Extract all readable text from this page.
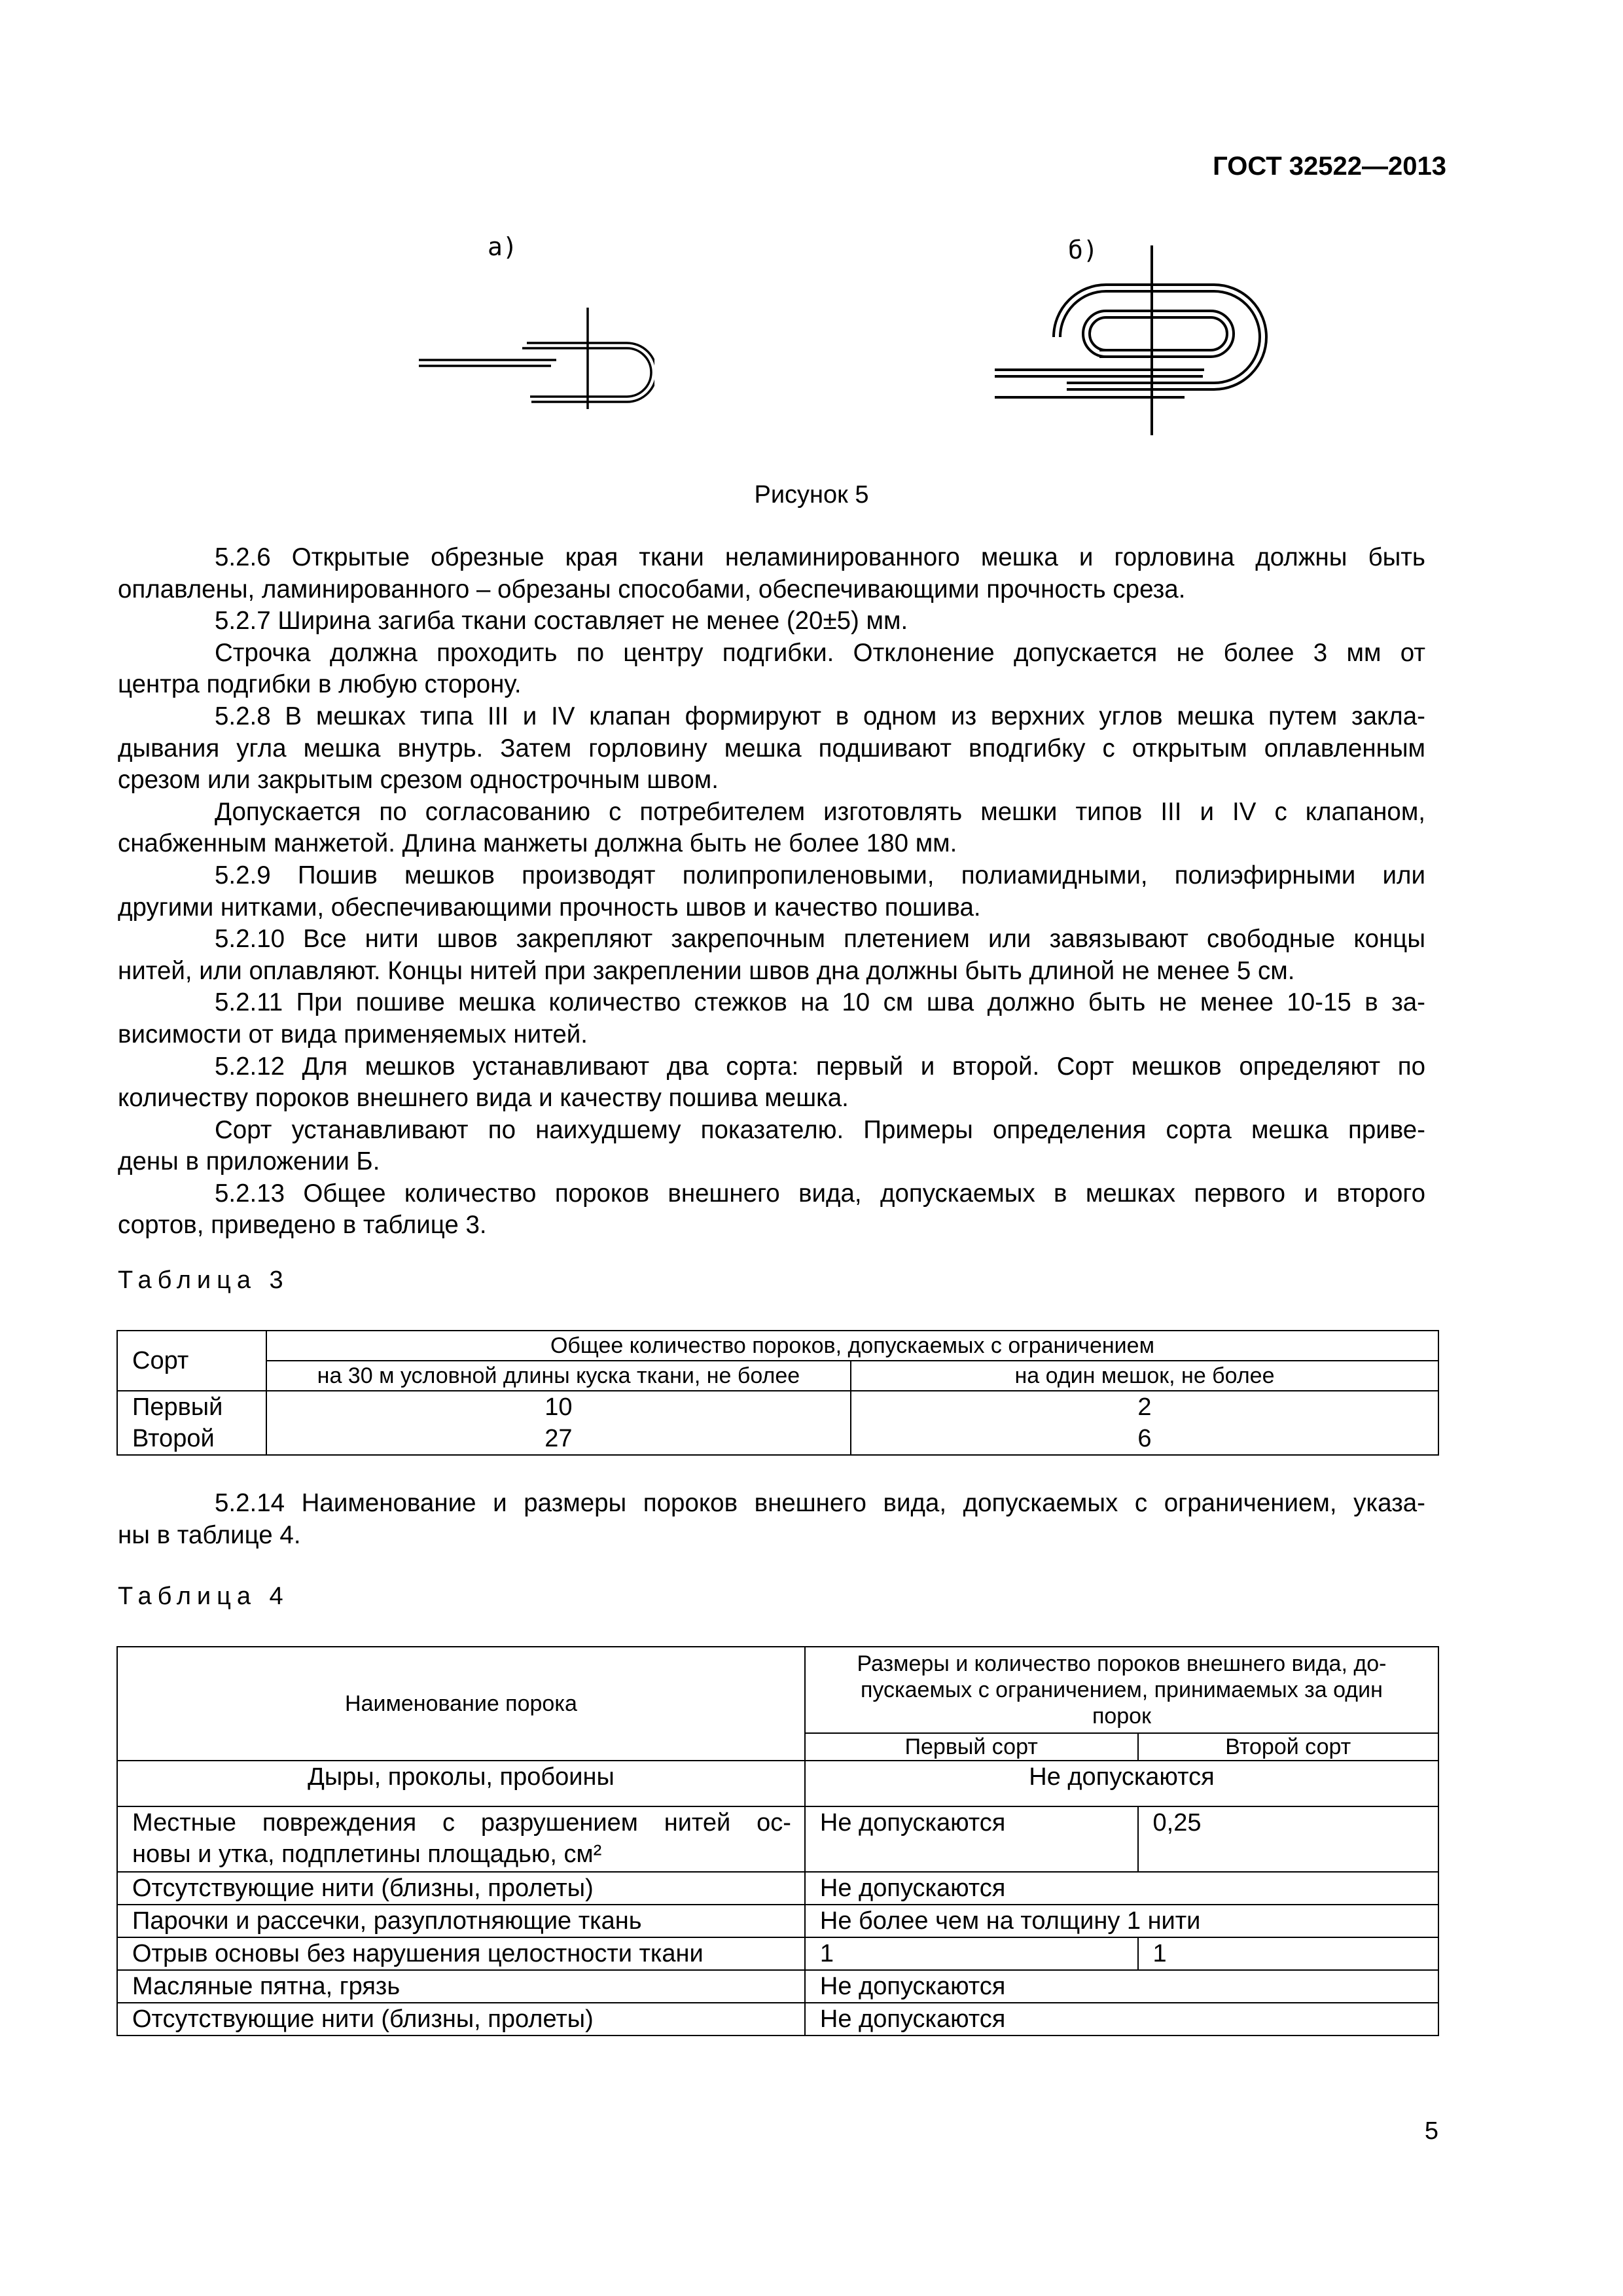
ГОСТ 32522—2013
а)	б)
Рисунок 5

5.2.6 Открытые обрезные края ткани неламинированного мешка и горловина должны быть

оплавлены, ламинированного – обрезаны способами, обеспечивающими прочность среза.

5.2.7 Ширина загиба ткани составляет не менее (20±5) мм.

Строчка должна проходить по центру подгибки. Отклонение допускается не более 3 мм от

центра подгибки в любую сторону.

5.2.8 В мешках типа III и IV клапан формируют в одном из верхних углов мешка путем закла-

дывания угла мешка внутрь. Затем горловину мешка подшивают вподгибку с открытым оплавленным

срезом или закрытым срезом однострочным швом.

Допускается по согласованию с потребителем изготовлять мешки типов III и IV с клапаном,

снабженным манжетой. Длина манжеты должна быть не более 180 мм.

5.2.9 Пошив мешков производят полипропиленовыми, полиамидными, полиэфирными или

другими нитками, обеспечивающими прочность швов и качество пошива.

5.2.10 Все нити швов закрепляют закрепочным плетением или завязывают свободные концы

нитей, или оплавляют. Концы нитей при закреплении швов дна должны быть длиной не менее 5 см.

5.2.11 При пошиве мешка количество стежков на 10 см шва должно быть не менее 10-15 в за-

висимости от вида применяемых нитей.

5.2.12 Для мешков устанавливают два сорта: первый и второй. Сорт мешков определяют по

количеству пороков внешнего вида и качеству пошива мешка.

Сорт устанавливают по наихудшему показателю. Примеры определения сорта мешка приве-

дены в приложении Б.

5.2.13 Общее количество пороков внешнего вида, допускаемых в мешках первого и второго

сортов, приведено в таблице 3.

Таблица 3
Сорт	Общее количество пороков, допускаемых с ограничением	
	на 30 м условной длины куска ткани, не более	на один мешок, не более
Первый	10	2
Второй	27	6

5.2.14 Наименование и размеры пороков внешнего вида, допускаемых с ограничением, указа-

ны в таблице 4.

Таблица 4
Наименование порока	Размеры и количество пороков внешнего вида, до-
пускаемых с ограничением, принимаемых за один
порок	

	Первый сорт	Второй сорт
Дыры, проколы, пробоины	Не допускаются	

Местные повреждения с разрушением нитей ос-
новы и утка, подплетины площадью, см²	Не допускаются	0,25
Отсутствующие нити (близны, пролеты)	Не допускаются	
Парочки и рассечки, разуплотняющие ткань	Не более чем на толщину 1 нити	
Отрыв основы без нарушения целостности ткани	1	1
Масляные пятна, грязь	Не допускаются	
Отсутствующие нити (близны, пролеты)	Не допускаются	
5
